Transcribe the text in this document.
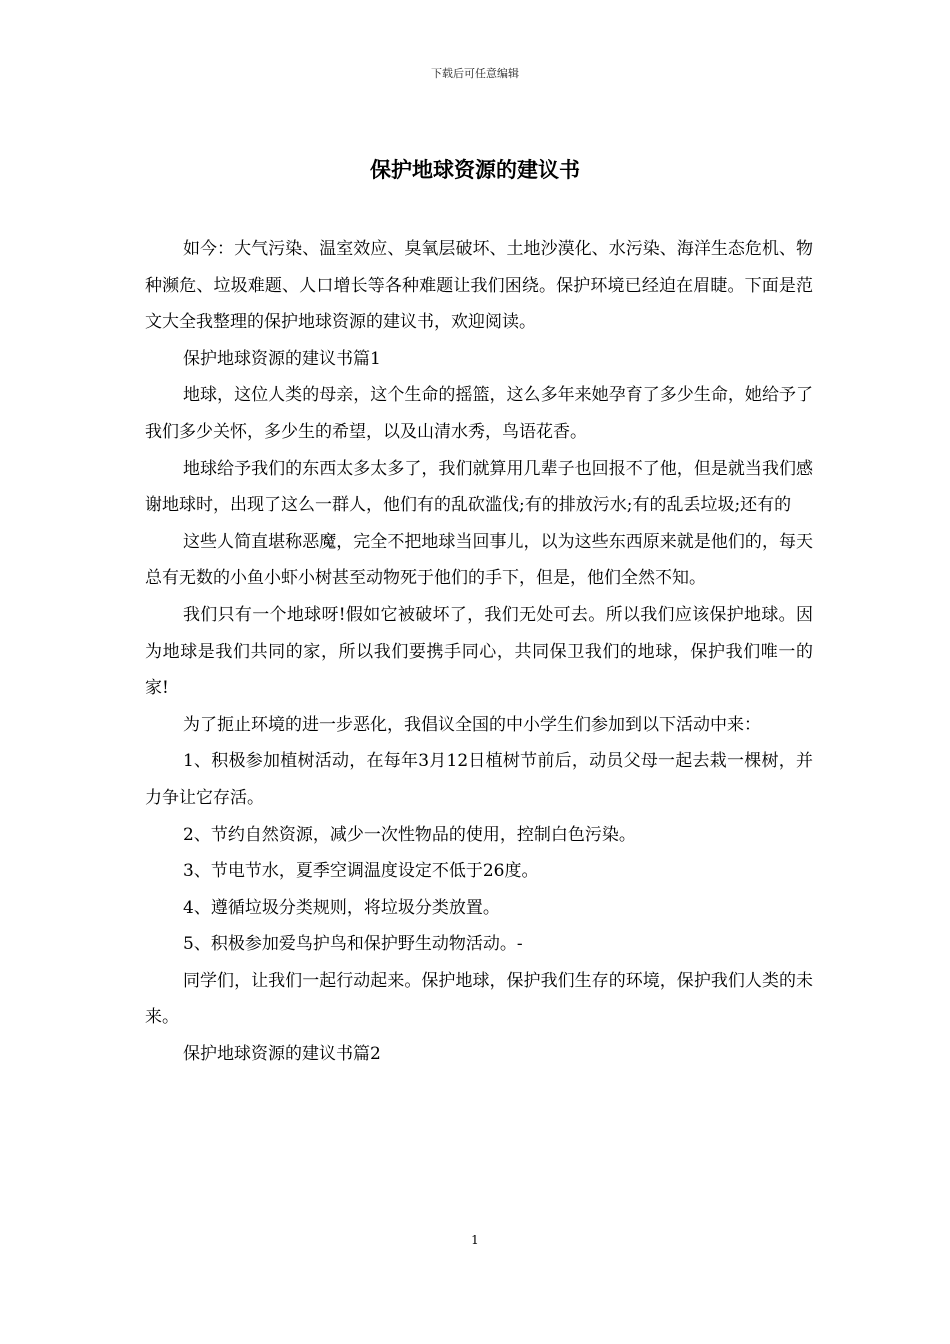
下载后可任意编辑
保护地球资源的建议书

如今：大气污染、温室效应、臭氧层破坏、土地沙漠化、水污染、海洋生态危机、物种濒危、垃圾难题、人口增长等各种难题让我们困绕。保护环境已经迫在眉睫。下面是范文大全我整理的保护地球资源的建议书，欢迎阅读。

保护地球资源的建议书篇1

地球，这位人类的母亲，这个生命的摇篮，这么多年来她孕育了多少生命，她给予了我们多少关怀，多少生的希望，以及山清水秀，鸟语花香。

地球给予我们的东西太多太多了，我们就算用几辈子也回报不了他，但是就当我们感谢地球时，出现了这么一群人，他们有的乱砍滥伐;有的排放污水;有的乱丢垃圾;还有的

这些人简直堪称恶魔，完全不把地球当回事儿，以为这些东西原来就是他们的，每天总有无数的小鱼小虾小树甚至动物死于他们的手下，但是，他们全然不知。

我们只有一个地球呀!假如它被破坏了，我们无处可去。所以我们应该保护地球。因为地球是我们共同的家，所以我们要携手同心，共同保卫我们的地球，保护我们唯一的家!

为了扼止环境的进一步恶化，我倡议全国的中小学生们参加到以下活动中来：

1、积极参加植树活动，在每年3月12日植树节前后，动员父母一起去栽一棵树，并力争让它存活。

2、节约自然资源，减少一次性物品的使用，控制白色污染。

3、节电节水，夏季空调温度设定不低于26度。

4、遵循垃圾分类规则，将垃圾分类放置。

5、积极参加爱鸟护鸟和保护野生动物活动。-

同学们，让我们一起行动起来。保护地球，保护我们生存的环境，保护我们人类的未来。

保护地球资源的建议书篇2

1
